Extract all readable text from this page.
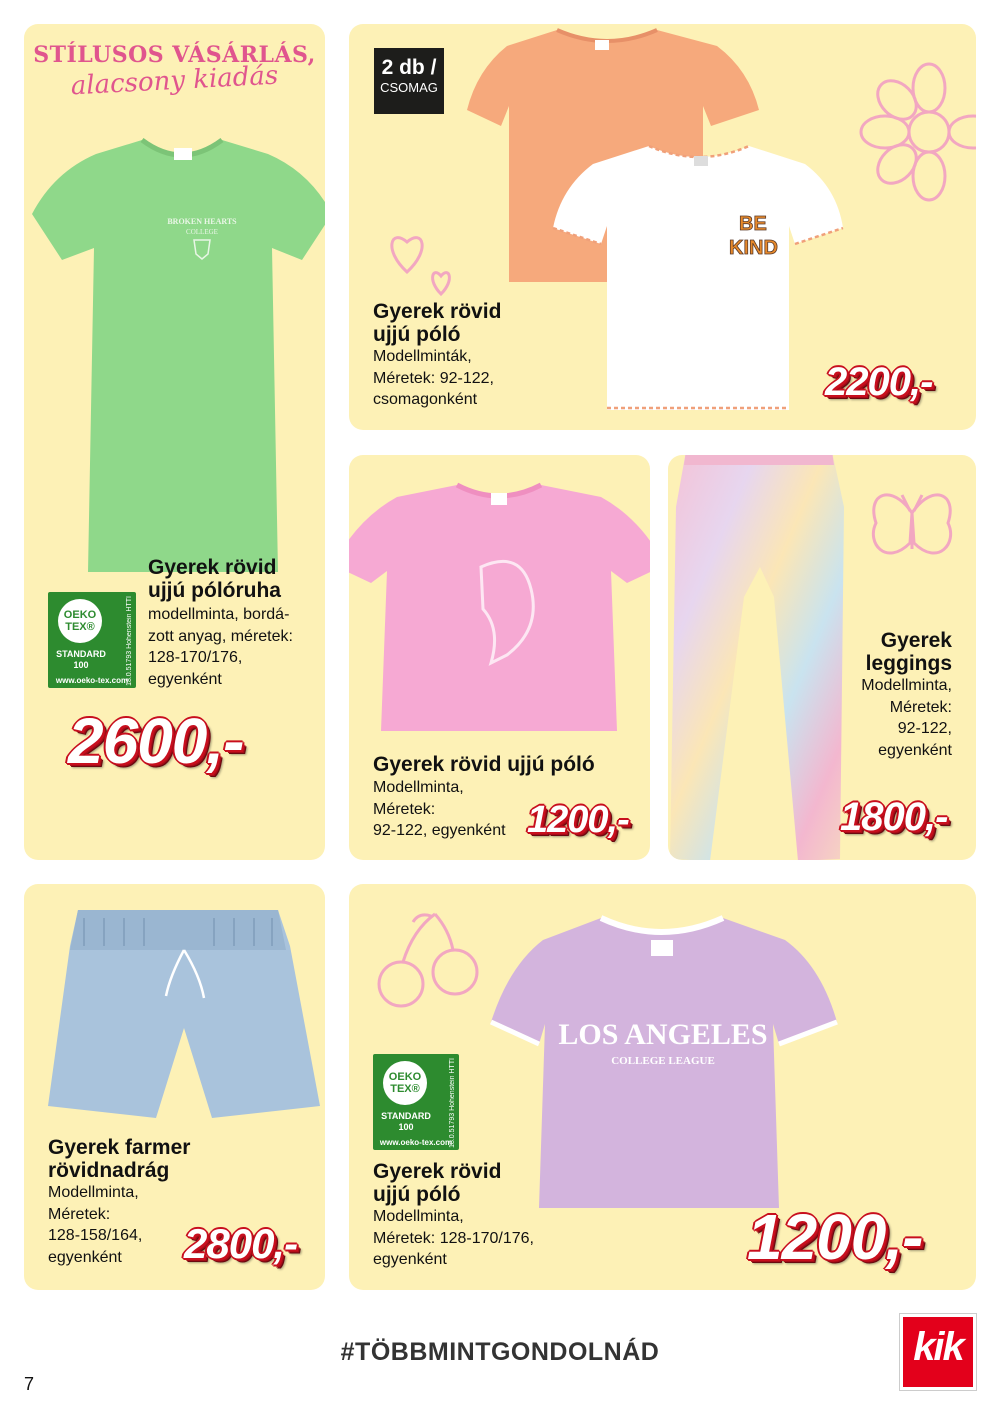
STÍLUSOS VÁSÁRLÁS,
alacsony kiadás
BROKEN HEARTS
COLLEGE
Gyerek rövid
ujjú pólóruha
modellminta, bordá-
zott anyag, méretek:
128-170/176,
egyenként
OEKO
TEX®
STANDARD
100	18.0.51793 Hohenstein HTTI
www.oeko-tex.com
2600,-
2 db /
CSOMAG
BE
KIND
Gyerek rövid
ujjú póló
Modellminták,
Méretek: 92-122,
csomagonként	2200,-
Gyerek rövid ujjú póló
Modellminta,
Méretek:
92-122, egyenként 1200,-
Gyerek
leggings
Modellminta,
Méretek:
92-122,
egyenként
1800,-
Gyerek farmer
rövidnadrág
Modellminta,
Méretek:
128-158/164,
egyenként	2800,-
OEKO
TEX®
STANDARD
100	18.0.51793 Hohenstein HTTI
www.oeko-tex.com
LOS ANGELES
COLLEGE LEAGUE
Gyerek rövid
ujjú póló
Modellminta,
Méretek: 128-170/176,
egyenként	1200,-
#TÖBBMINTGONDOLNÁD
7
kik
